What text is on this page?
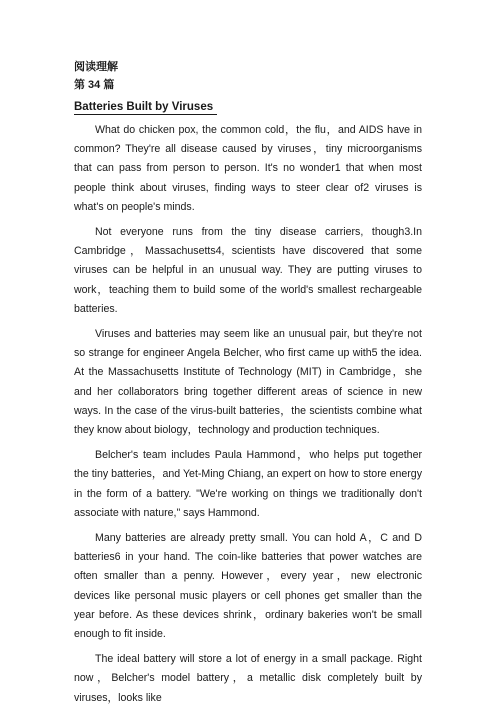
阅读理解
第 34 篇
Batteries Built by Viruses

What do chicken pox, the common cold，the flu，and AIDS have in common? They're all disease caused by viruses，tiny microorganisms that can pass from person to person. It's no wonder1 that when most people think about viruses, finding ways to steer clear of2 viruses is what's on people's minds.

Not everyone runs from the tiny disease carriers, though3.In Cambridge，Massachusetts4, scientists have discovered that some viruses can be helpful in an unusual way. They are putting viruses to work，teaching them to build some of the world's smallest rechargeable batteries.

Viruses and batteries may seem like an unusual pair, but they're not so strange for engineer Angela Belcher, who first came up with5 the idea. At the Massachusetts Institute of Technology (MIT) in Cambridge，she and her collaborators bring together different areas of science in new ways. In the case of the virus-built batteries，the scientists combine what they know about biology，technology and production techniques.

Belcher's team includes Paula Hammond，who helps put together the tiny batteries，and Yet-Ming Chiang, an expert on how to store energy in the form of a battery. "We're working on things we traditionally don't associate with nature," says Hammond.

Many batteries are already pretty small. You can hold A，C and D batteries6 in your hand. The coin-like batteries that power watches are often smaller than a penny. However，every year，new electronic devices like personal music players or cell phones get smaller than the year before. As these devices shrink，ordinary bakeries won't be small enough to fit inside.

The ideal battery will store a lot of energy in a small package. Right now，Belcher's model battery，a metallic disk completely built by viruses，looks like
